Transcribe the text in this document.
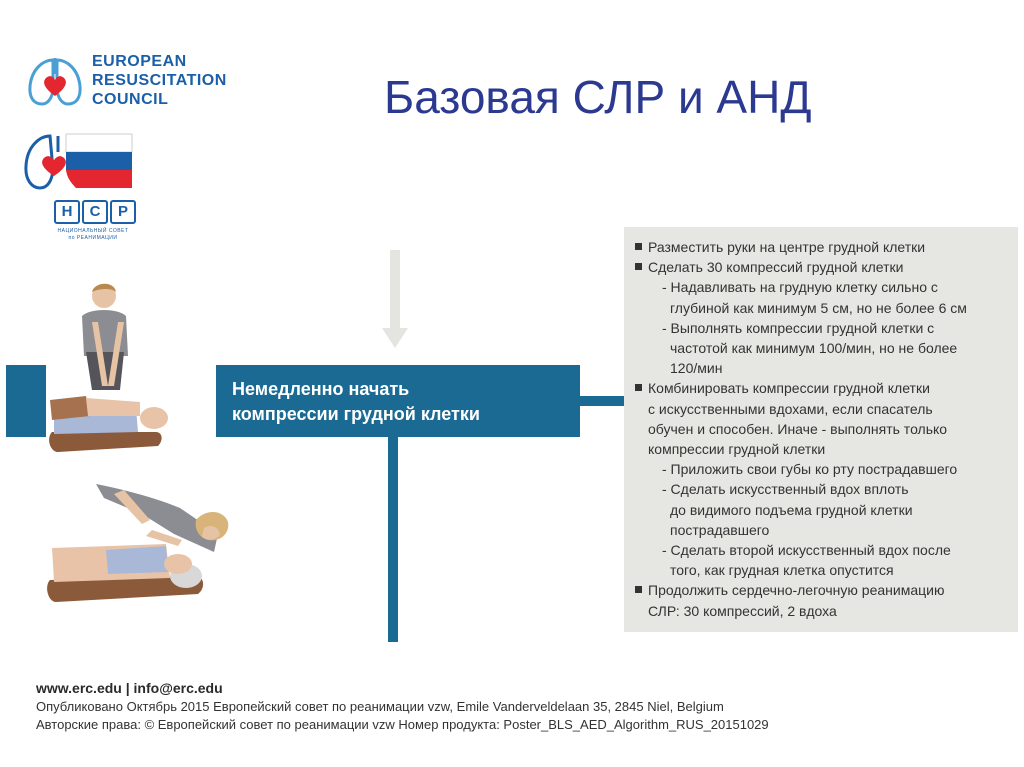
EUROPEAN
RESUSCITATION
COUNCIL
Н	С	Р
НАЦИОНАЛЬНЫЙ СОВЕТ
по РЕАНИМАЦИИ
Базовая СЛР и АНД
Немедленно начать
компрессии грудной клетки
Разместить руки на центре грудной клетки
Сделать 30 компрессий грудной клетки
- Надавливать на грудную клетку сильно с
глубиной как минимум 5 см, но не более 6 см
- Выполнять компрессии грудной клетки с
частотой как минимум 100/мин, но не более
120/мин
Комбинировать компрессии грудной клетки
с искусственными вдохами, если спасатель
обучен и способен. Иначе - выполнять только
компрессии грудной клетки
- Приложить свои губы ко рту пострадавшего
- Сделать искусственный вдох вплоть
до видимого подъема грудной клетки
пострадавшего
- Сделать второй искусственный вдох после
того, как грудная клетка опустится
Продолжить сердечно-легочную реанимацию
СЛР: 30 компрессий, 2 вдоха
www.erc.edu | info@erc.edu
Опубликовано Октябрь 2015 Европейский совет по реанимации vzw, Emile Vanderveldelaan 35, 2845 Niel, Belgium
Авторские права: © Европейский совет по реанимации vzw Номер продукта: Poster_BLS_AED_Algorithm_RUS_20151029
